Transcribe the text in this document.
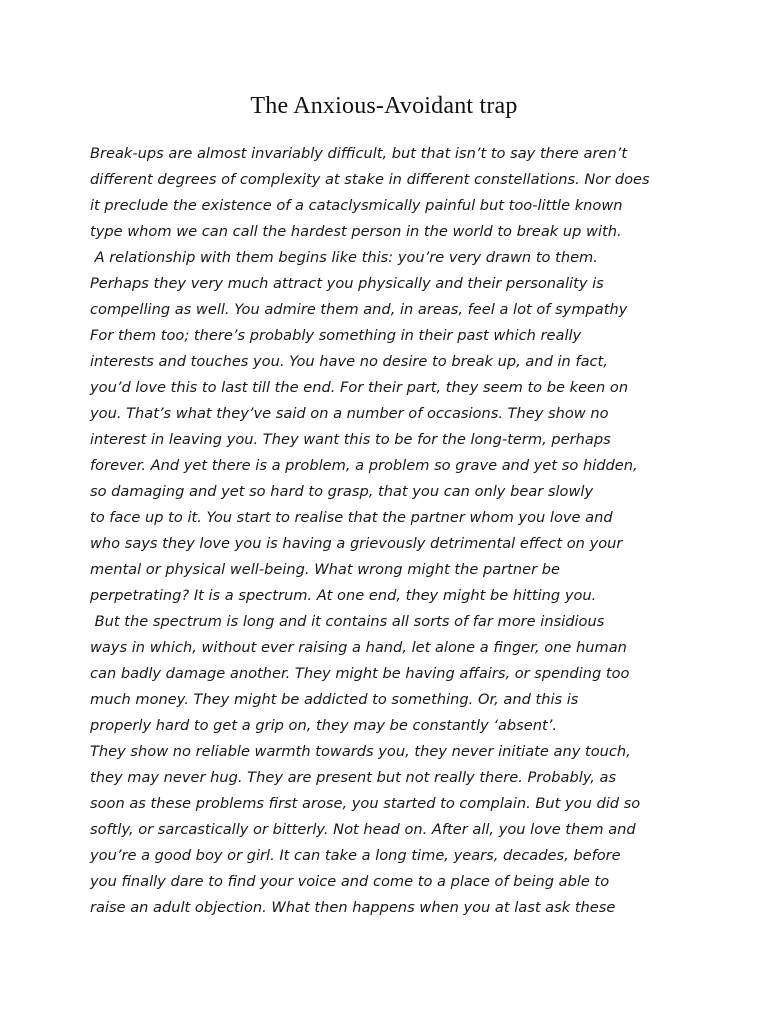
The Anxious-Avoidant trap
Break-ups are almost invariably difficult, but that isn’t to say there aren’t
different degrees of complexity at stake in different constellations. Nor does
it preclude the existence of a cataclysmically painful but too-little known
type whom we can call the hardest person in the world to break up with.
A relationship with them begins like this: you’re very drawn to them.
Perhaps they very much attract you physically and their personality is
compelling as well. You admire them and, in areas, feel a lot of sympathy
For them too; there’s probably something in their past which really
interests and touches you. You have no desire to break up, and in fact,
you’d love this to last till the end. For their part, they seem to be keen on
you. That’s what they’ve said on a number of occasions. They show no
interest in leaving you. They want this to be for the long-term, perhaps
forever. And yet there is a problem, a problem so grave and yet so hidden,
so damaging and yet so hard to grasp, that you can only bear slowly
to face up to it. You start to realise that the partner whom you love and
who says they love you is having a grievously detrimental effect on your
mental or physical well-being. What wrong might the partner be
perpetrating? It is a spectrum. At one end, they might be hitting you.
But the spectrum is long and it contains all sorts of far more insidious
ways in which, without ever raising a hand, let alone a finger, one human
can badly damage another. They might be having affairs, or spending too
much money. They might be addicted to something. Or, and this is
properly hard to get a grip on, they may be constantly ‘absent’.
They show no reliable warmth towards you, they never initiate any touch,
they may never hug. They are present but not really there. Probably, as
soon as these problems first arose, you started to complain. But you did so
softly, or sarcastically or bitterly. Not head on. After all, you love them and
you’re a good boy or girl. It can take a long time, years, decades, before
you finally dare to find your voice and come to a place of being able to
raise an adult objection. What then happens when you at last ask these
